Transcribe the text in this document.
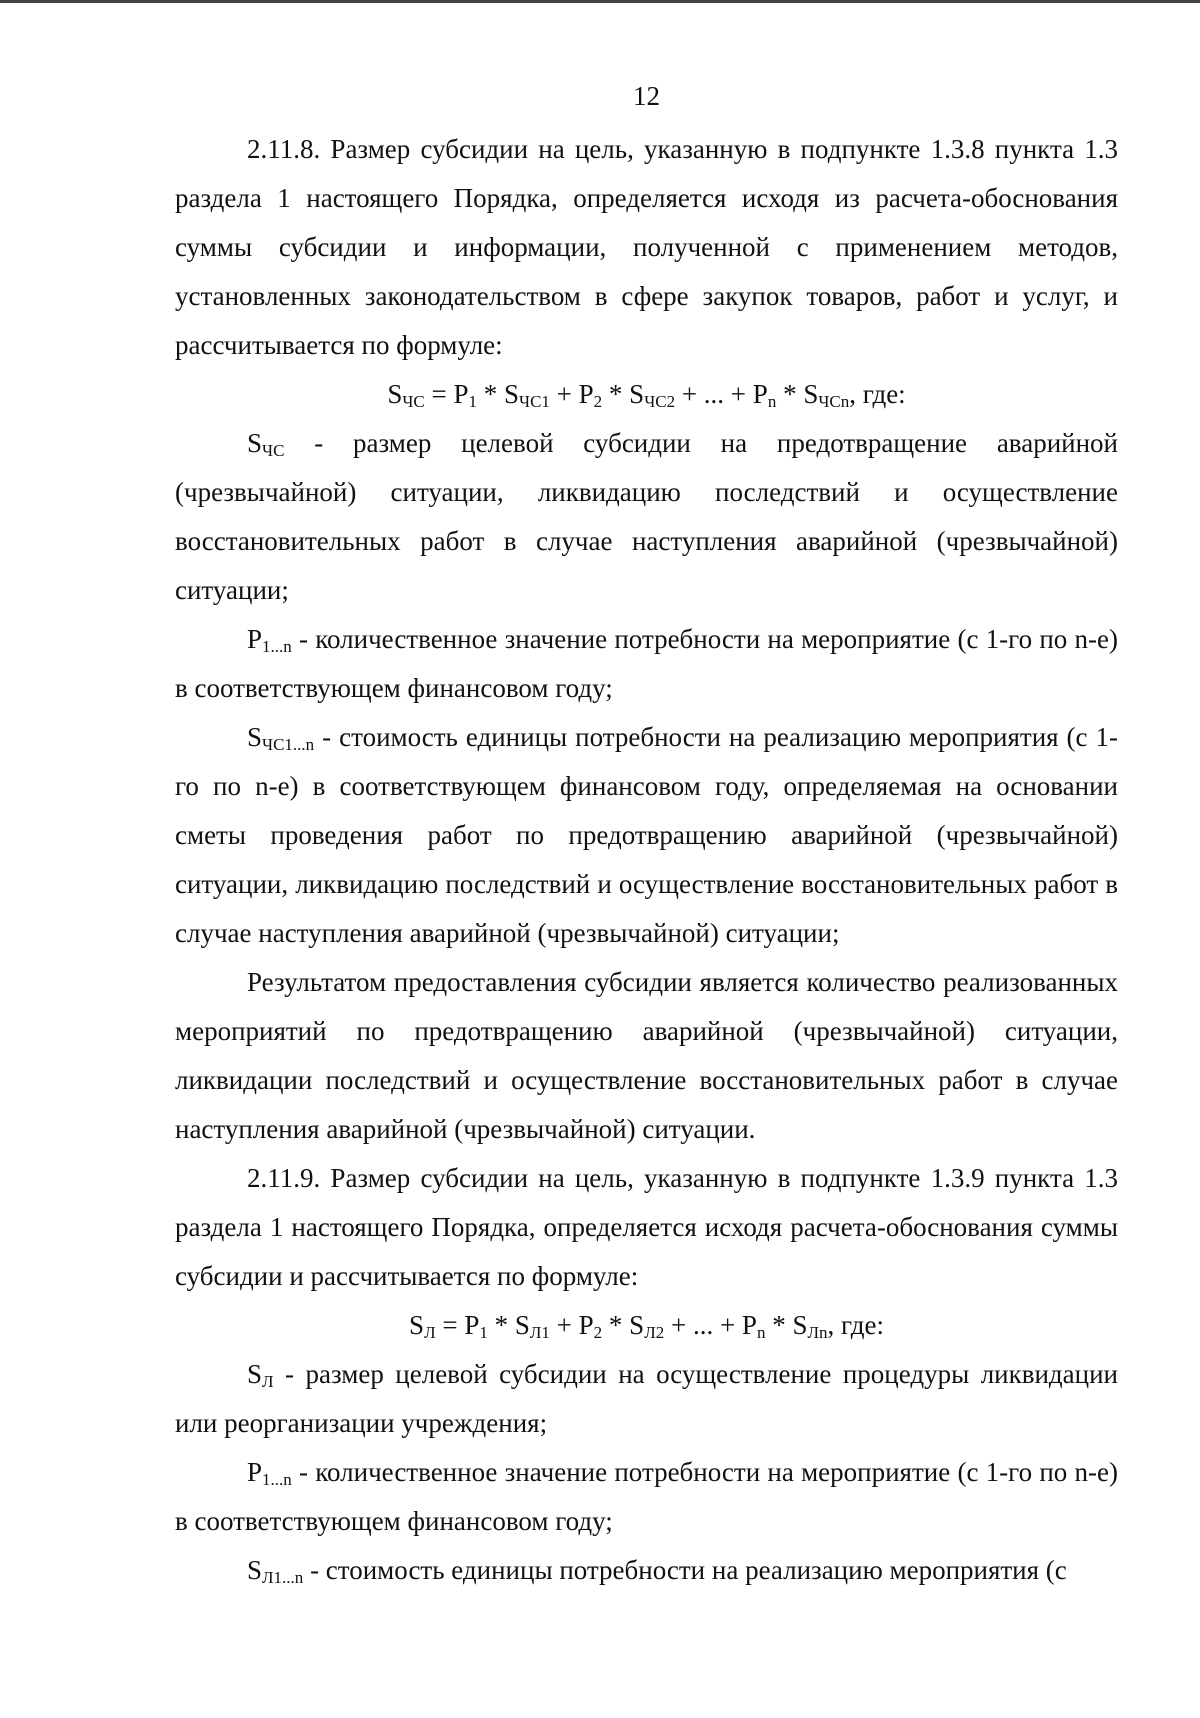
12

2.11.8. Размер субсидии на цель, указанную в подпункте 1.3.8 пункта 1.3 раздела 1 настоящего Порядка, определяется исходя из расчета-обоснования суммы субсидии и информации, полученной с применением методов, установленных законодательством в сфере закупок товаров, работ и услуг, и рассчитывается по формуле:

$S_{ЧС} = P_1 * S_{ЧС1} + P_2 * S_{ЧС2}$ + ... + $P_n * S_{ЧСn}$, где:

$S_{ЧС}$ - размер целевой субсидии на предотвращение аварийной (чрезвычайной) ситуации, ликвидацию последствий и осуществление восстановительных работ в случае наступления аварийной (чрезвычайной) ситуации;

$P_{1...n}$ - количественное значение потребности на мероприятие (с 1-го по n-е) в соответствующем финансовом году;

$S_{ЧС1...n}$ - стоимость единицы потребности на реализацию мероприятия (с 1-го по n-е) в соответствующем финансовом году, определяемая на основании сметы проведения работ по предотвращению аварийной (чрезвычайной) ситуации, ликвидацию последствий и осуществление восстановительных работ в случае наступления аварийной (чрезвычайной) ситуации;

Результатом предоставления субсидии является количество реализованных мероприятий по предотвращению аварийной (чрезвычайной) ситуации, ликвидации последствий и осуществление восстановительных работ в случае наступления аварийной (чрезвычайной) ситуации.

2.11.9. Размер субсидии на цель, указанную в подпункте 1.3.9 пункта 1.3 раздела 1 настоящего Порядка, определяется исходя расчета-обоснования суммы субсидии и рассчитывается по формуле:

$S_Л = P_1 * S_{Л1} + P_2 * S_{Л2}$ + ... + $P_n * S_{Лn}$, где:

$S_Л$ - размер целевой субсидии на осуществление процедуры ликвидации или реорганизации учреждения;

$P_{1...n}$ - количественное значение потребности на мероприятие (с 1-го по n-е) в соответствующем финансовом году;

$S_{Л1...n}$ - стоимость единицы потребности на реализацию мероприятия (с
